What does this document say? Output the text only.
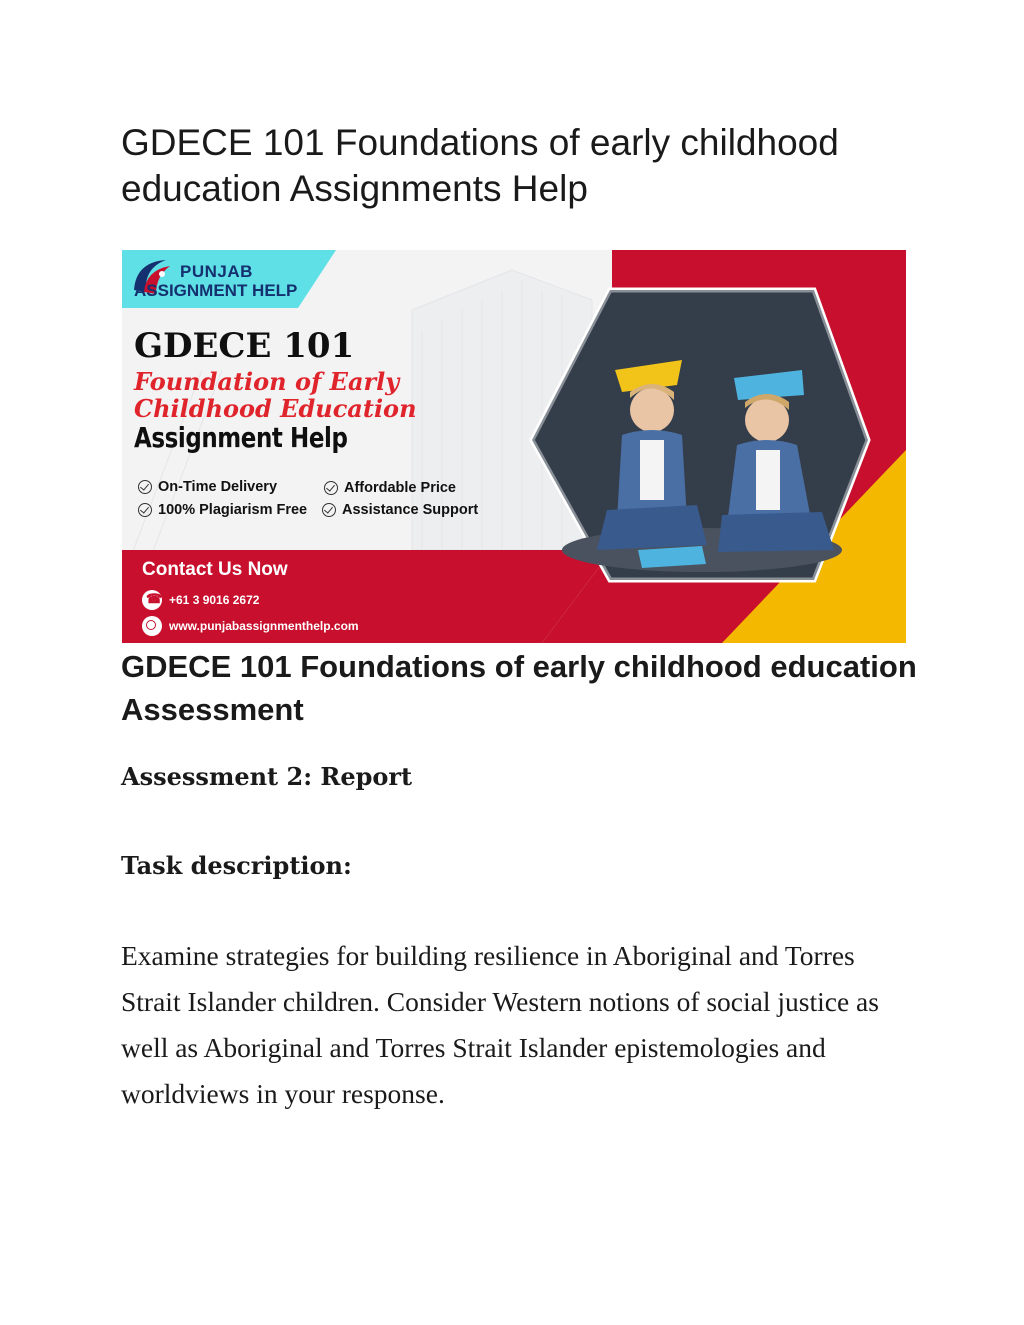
GDECE 101 Foundations of early childhood education Assignments Help
PUNJAB
ASSIGNMENT HELP
GDECE 101
Foundation of Early
Childhood Education
Assignment Help
On-Time Delivery	Affordable Price
100% Plagiarism Free Assistance Support
Contact Us Now
☎
+61 3 9016 2672
www.punjabassignmenthelp.com
GDECE 101 Foundations of early childhood education Assessment
Assessment 2: Report
Task description:

Examine strategies for building resilience in Aboriginal and Torres Strait Islander children. Consider Western notions of social justice as well as Aboriginal and Torres Strait Islander epistemologies and worldviews in your response.
